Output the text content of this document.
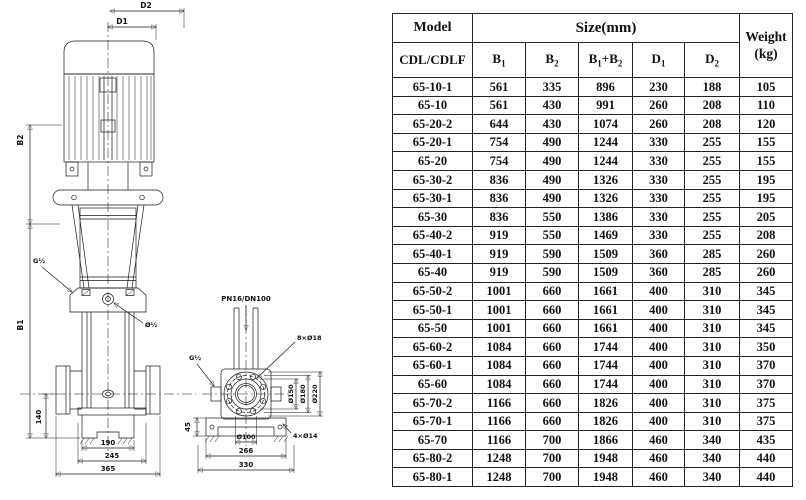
G½
Ø½
D2
D1
B2
B1
140
190
245
365
PN16/DN100
8×Ø18
G½
4×Ø14
Ø150 Ø180 Ø220
45
Ø100
266
330
Model	Size(mm)					Weight
(kg)

CDL/CDLF	$B_1$	$B_2$	$B_1+B_2$	$D_1$	$D_2$
65-10-1	561	335	896	230	188	105
65-10	561	430	991	260	208	110
65-20-2	644	430	1074	260	208	120
65-20-1	754	490	1244	330	255	155
65-20	754	490	1244	330	255	155
65-30-2	836	490	1326	330	255	195
65-30-1	836	490	1326	330	255	195
65-30	836	550	1386	330	255	205
65-40-2	919	550	1469	330	255	208
65-40-1	919	590	1509	360	285	260
65-40	919	590	1509	360	285	260
65-50-2	1001	660	1661	400	310	345
65-50-1	1001	660	1661	400	310	345
65-50	1001	660	1661	400	310	345
65-60-2	1084	660	1744	400	310	350
65-60-1	1084	660	1744	400	310	370
65-60	1084	660	1744	400	310	370
65-70-2	1166	660	1826	400	310	375
65-70-1	1166	660	1826	400	310	375
65-70	1166	700	1866	460	340	435
65-80-2	1248	700	1948	460	340	440
65-80-1	1248	700	1948	460	340	440
